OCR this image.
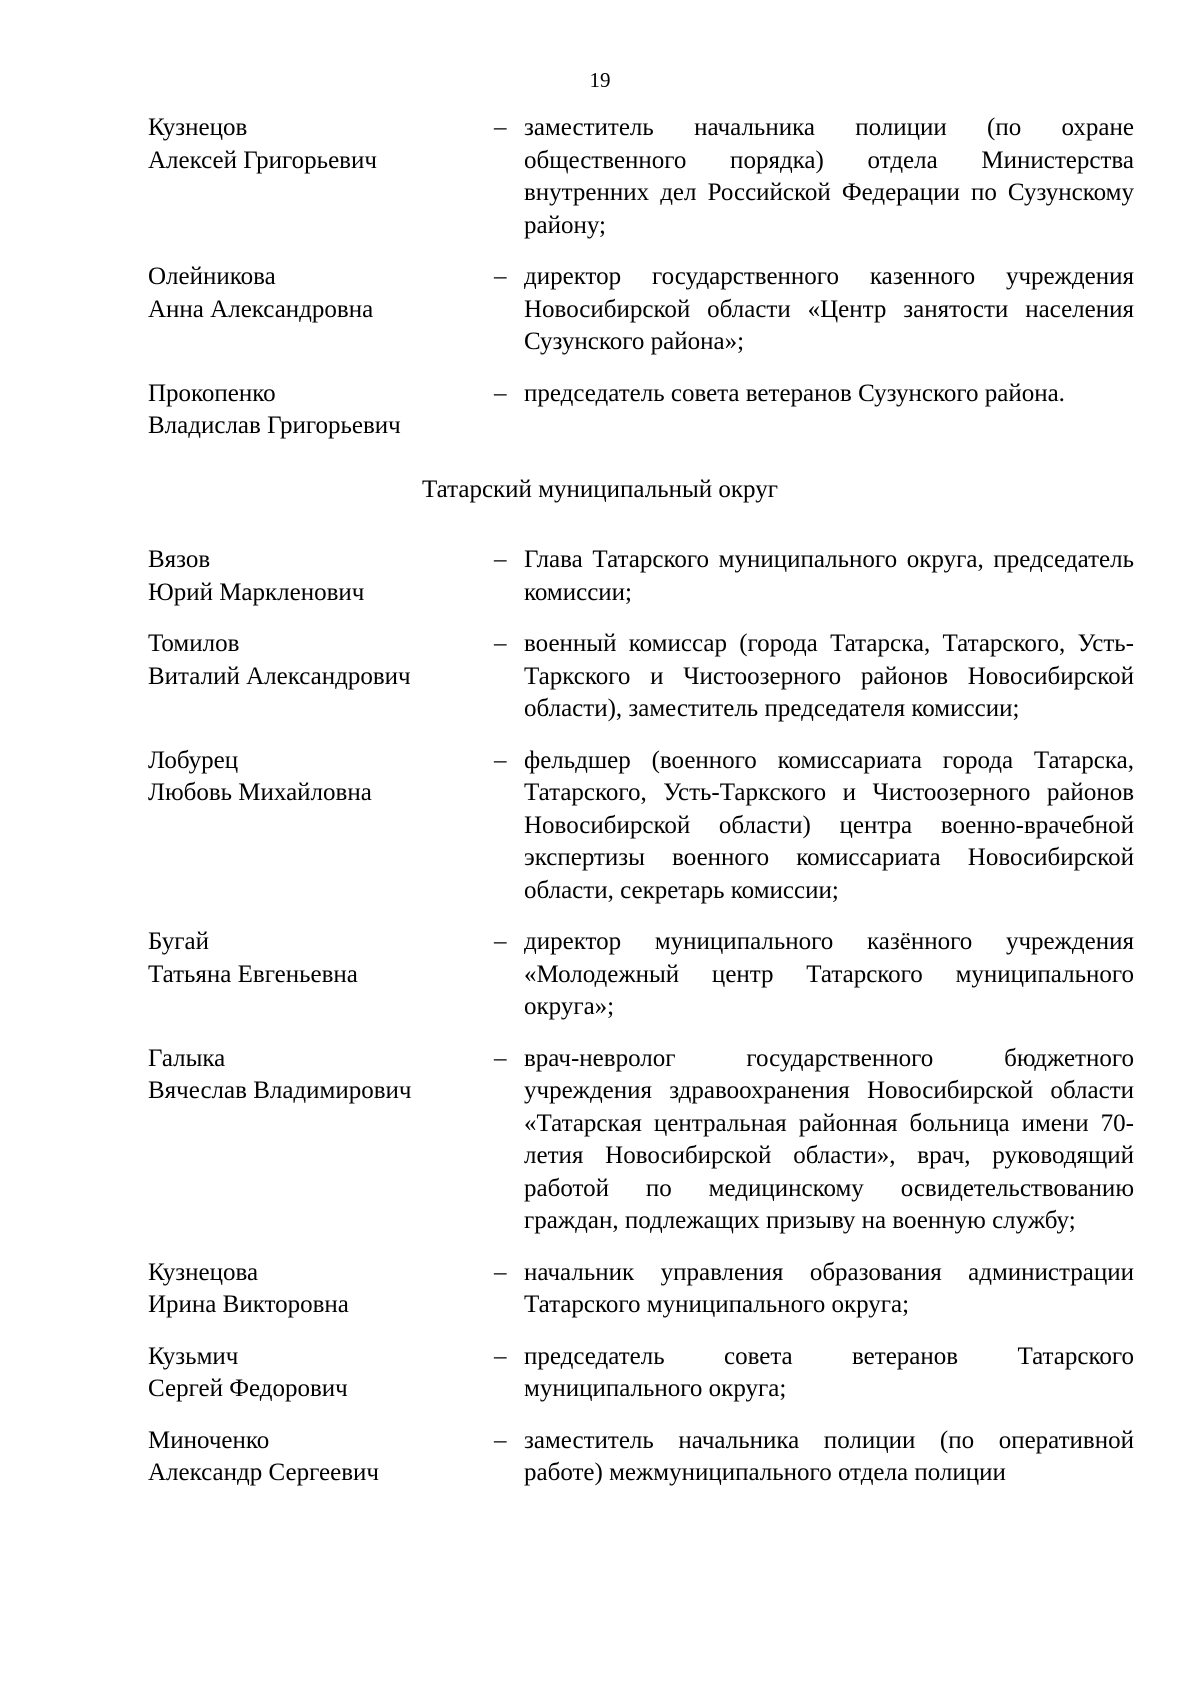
19
Кузнецов
Алексей Григорьевич
– заместитель начальника полиции (по охране общественного порядка) отдела Министерства внутренних дел Российской Федерации по Сузунскому району;
Олейникова
Анна Александровна
– директор государственного казенного учреждения Новосибирской области «Центр занятости населения Сузунского района»;
Прокопенко
Владислав Григорьевич
– председатель совета ветеранов Сузунского района.
Татарский муниципальный округ
Вязов
Юрий Маркленович
– Глава Татарского муниципального округа, председатель комиссии;
Томилов
Виталий Александрович
– военный комиссар (города Татарска, Татарского, Усть-Таркского и Чистоозерного районов Новосибирской области), заместитель председателя комиссии;
Лобурец
Любовь Михайловна
– фельдшер (военного комиссариата города Татарска, Татарского, Усть-Таркского и Чистоозерного районов Новосибирской области) центра военно-врачебной экспертизы военного комиссариата Новосибирской области, секретарь комиссии;
Бугай
Татьяна Евгеньевна
– директор муниципального казённого учреждения «Молодежный центр Татарского муниципального округа»;
Галыка
Вячеслав Владимирович
– врач-невролог государственного бюджетного учреждения здравоохранения Новосибирской области «Татарская центральная районная больница имени 70-летия Новосибирской области», врач, руководящий работой по медицинскому освидетельствованию граждан, подлежащих призыву на военную службу;
Кузнецова
Ирина Викторовна
– начальник управления образования администрации Татарского муниципального округа;
Кузьмич
Сергей Федорович
– председатель совета ветеранов Татарского муниципального округа;
Миноченко
Александр Сергеевич
– заместитель начальника полиции (по оперативной работе) межмуниципального отдела полиции
